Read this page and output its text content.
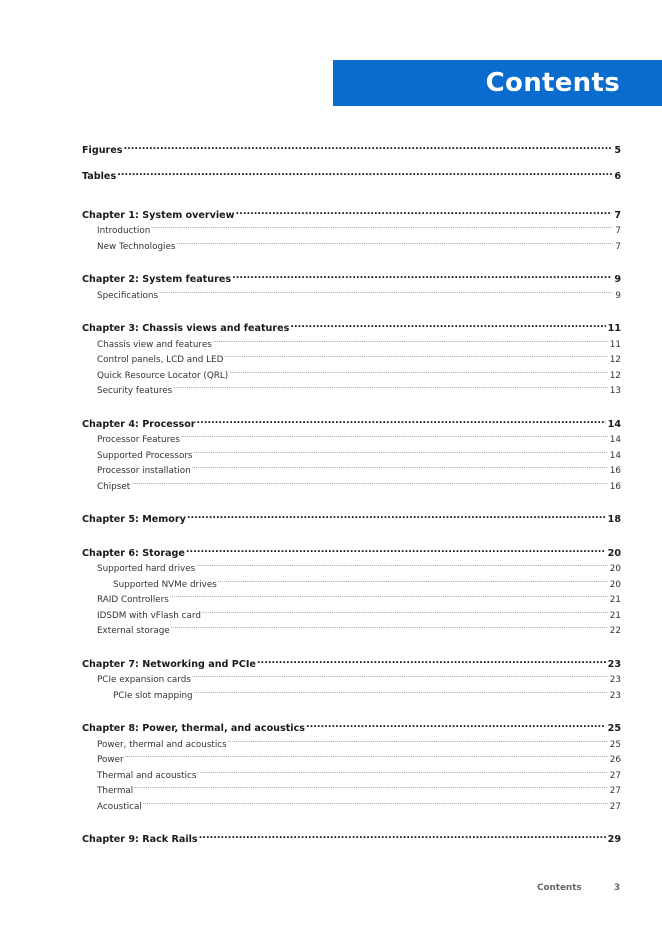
Contents
Figures .....	5
Tables .....	6
Chapter 1: System overview .....	7
Introduction .....	7
New Technologies .....	7
Chapter 2: System features .....	9
Specifications .....	9
Chapter 3: Chassis views and features .....	11
Chassis view and features .....	11
Control panels, LCD and LED .....	12
Quick Resource Locator (QRL) .....	12
Security features .....	13
Chapter 4: Processor .....	14
Processor Features .....	14
Supported Processors .....	14
Processor installation .....	16
Chipset .....	16
Chapter 5: Memory .....	18
Chapter 6: Storage .....	20
Supported hard drives .....	20
Supported NVMe drives .....	20
RAID Controllers .....	21
IDSDM with vFlash card .....	21
External storage .....	22
Chapter 7: Networking and PCIe .....	23
PCIe expansion cards .....	23
PCIe slot mapping .....	23
Chapter 8: Power, thermal, and acoustics .....	25
Power, thermal and acoustics .....	25
Power .....	26
Thermal and acoustics .....	27
Thermal .....	27
Acoustical .....	27
Chapter 9: Rack Rails .....	29
Contents	3
